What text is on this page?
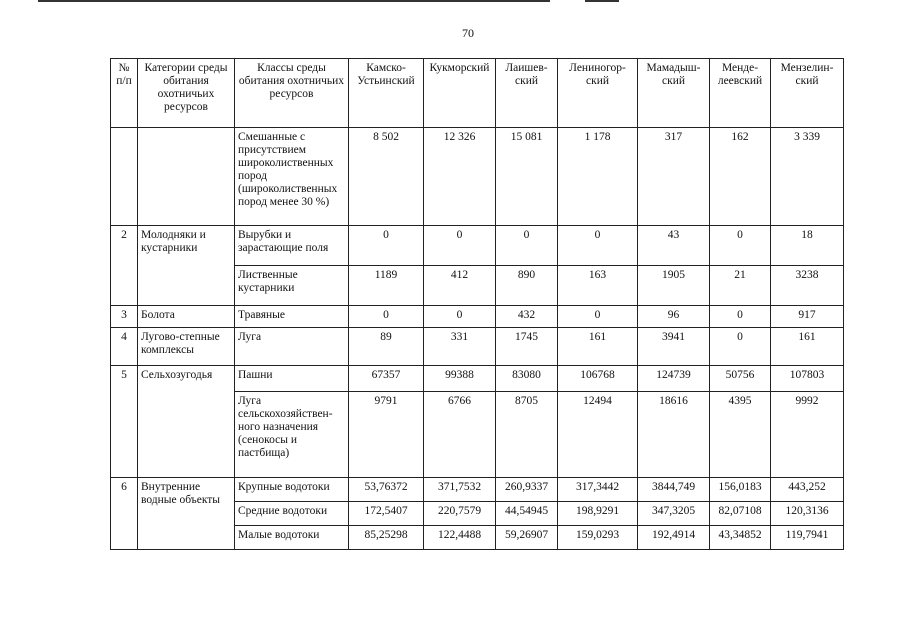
70
№ п/п	Категории среды обитания охотничьих ресурсов	Классы среды обитания охотничьих ресурсов	Камско-Устьинский	Кукморский	Лаишев-ский	Лениногор-ский	Мамадыш-ский	Менде-леевский	Мензелин-ский
		Смешанные с присутствием широколиственных пород (широколиственных пород менее 30 %)	8 502	12 326	15 081	1 178	317	162	3 339
2	Молодняки и кустарники	Вырубки и зарастающие поля	0	0	0	0	43	0	18
		Лиственные кустарники	1189	412	890	163	1905	21	3238
3	Болота	Травяные	0	0	432	0	96	0	917
4	Лугово-степные комплексы	Луга	89	331	1745	161	3941	0	161
5	Сельхозугодья	Пашни	67357	99388	83080	106768	124739	50756	107803
		Луга сельскохозяйствен-ного назначения (сенокосы и пастбища)	9791	6766	8705	12494	18616	4395	9992
6	Внутренние водные объекты	Крупные водотоки	53,76372	371,7532	260,9337	317,3442	3844,749	156,0183	443,252
		Средние водотоки	172,5407	220,7579	44,54945	198,9291	347,3205	82,07108	120,3136
		Малые водотоки	85,25298	122,4488	59,26907	159,0293	192,4914	43,34852	119,7941
